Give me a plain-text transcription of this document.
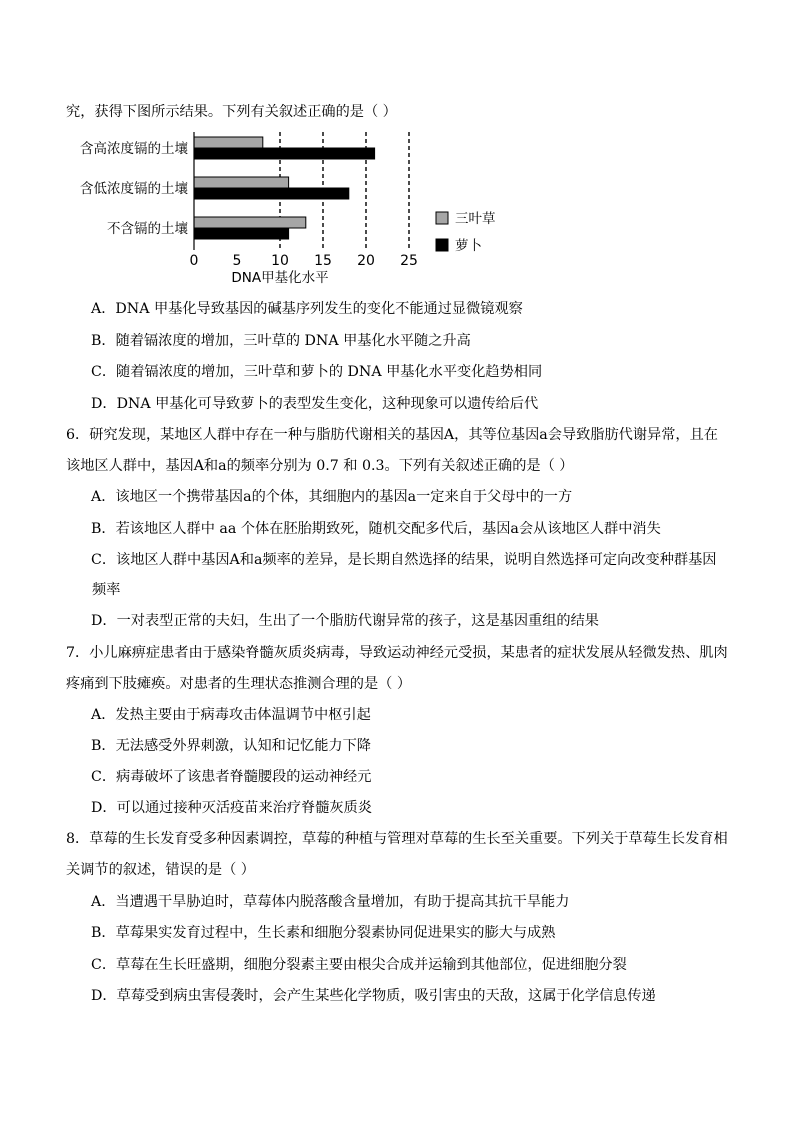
究，获得下图所示结果。下列有关叙述正确的是（ ）
0 5 10 15 20 25
DNA甲基化水平
含高浓度镉的土壤
含低浓度镉的土壤
不含镉的土壤
三叶草
萝卜
A．DNA 甲基化导致基因的碱基序列发生的变化不能通过显微镜观察
B．随着镉浓度的增加，三叶草的 DNA 甲基化水平随之升高
C．随着镉浓度的增加，三叶草和萝卜的 DNA 甲基化水平变化趋势相同
D．DNA 甲基化可导致萝卜的表型发生变化，这种现象可以遗传给后代
6．研究发现，某地区人群中存在一种与脂肪代谢相关的基因A，其等位基因a会导致脂肪代谢异常，且在
该地区人群中，基因A和a的频率分别为 0.7 和 0.3。下列有关叙述正确的是（ ）
A．该地区一个携带基因a的个体，其细胞内的基因a一定来自于父母中的一方
B．若该地区人群中 aa 个体在胚胎期致死，随机交配多代后，基因a会从该地区人群中消失
C．该地区人群中基因A和a频率的差异，是长期自然选择的结果，说明自然选择可定向改变种群基因
频率
D．一对表型正常的夫妇，生出了一个脂肪代谢异常的孩子，这是基因重组的结果
7．小儿麻痹症患者由于感染脊髓灰质炎病毒，导致运动神经元受损，某患者的症状发展从轻微发热、肌肉
疼痛到下肢瘫痪。对患者的生理状态推测合理的是（ ）
A．发热主要由于病毒攻击体温调节中枢引起
B．无法感受外界刺激，认知和记忆能力下降
C．病毒破坏了该患者脊髓腰段的运动神经元
D．可以通过接种灭活疫苗来治疗脊髓灰质炎
8．草莓的生长发育受多种因素调控，草莓的种植与管理对草莓的生长至关重要。下列关于草莓生长发育相
关调节的叙述，错误的是（ ）
A．当遭遇干旱胁迫时，草莓体内脱落酸含量增加，有助于提高其抗干旱能力
B．草莓果实发育过程中，生长素和细胞分裂素协同促进果实的膨大与成熟
C．草莓在生长旺盛期，细胞分裂素主要由根尖合成并运输到其他部位，促进细胞分裂
D．草莓受到病虫害侵袭时，会产生某些化学物质，吸引害虫的天敌，这属于化学信息传递
